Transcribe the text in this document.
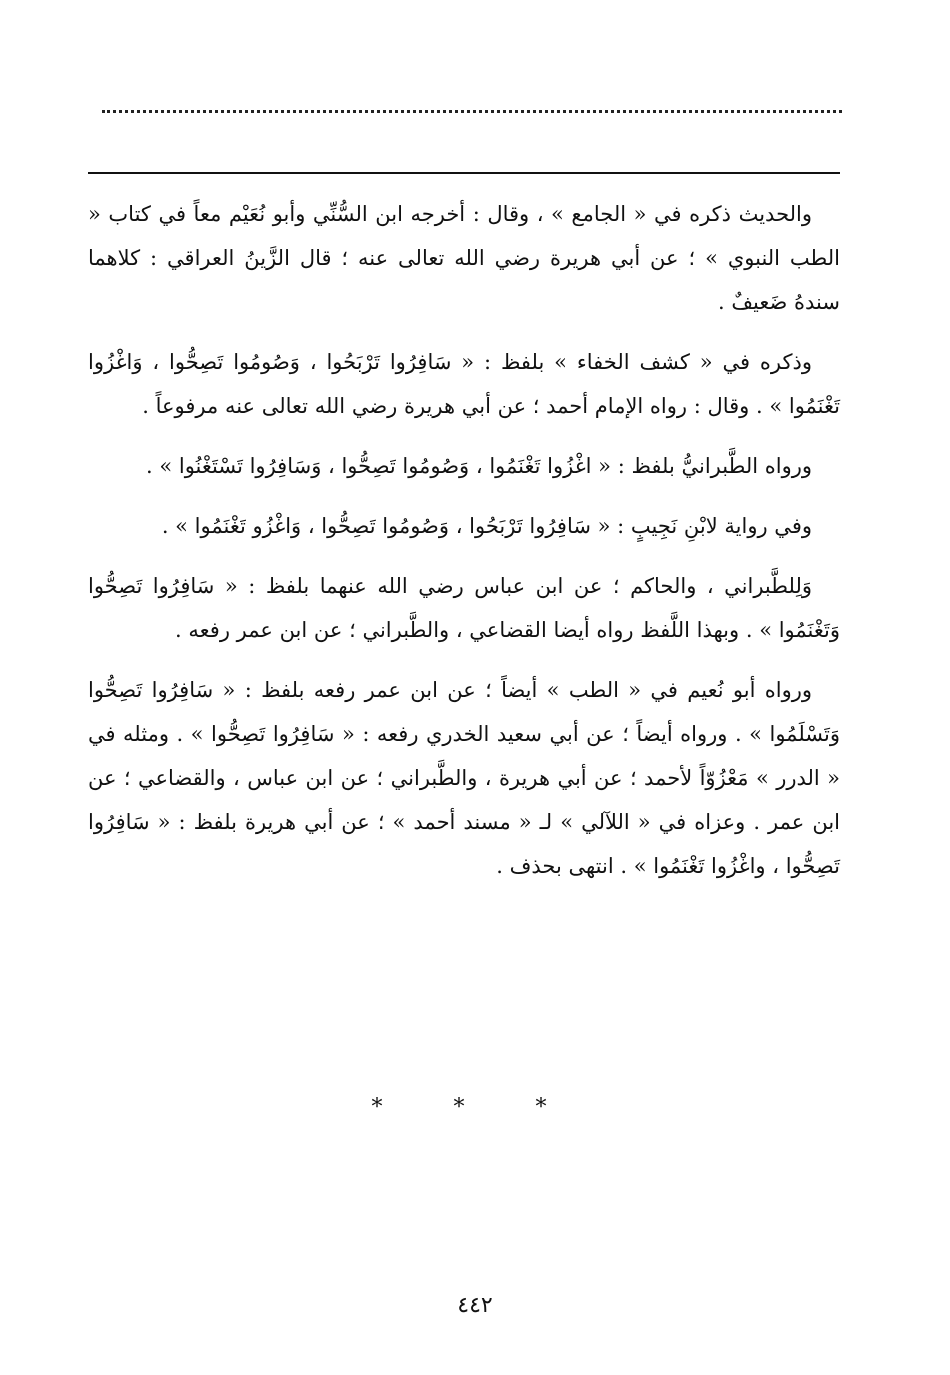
والحديث ذكره في « الجامع » ، وقال : أخرجه ابن السُّنِّي وأبو نُعَيْم معاً في كتاب « الطب النبوي » ؛ عن أبي هريرة رضي الله تعالى عنه ؛ قال الزَّينُ العراقي : كلاهما سندهُ ضَعيفٌ .

وذكره في « كشف الخفاء » بلفظ : « سَافِرُوا تَرْبَحُوا ، وَصُومُوا تَصِحُّوا ، وَاغْزُوا تَغْنَمُوا » . وقال : رواه الإمام أحمد ؛ عن أبي هريرة رضي الله تعالى عنه مرفوعاً .

ورواه الطَّبرانيُّ بلفظ : « اغْزُوا تَغْنَمُوا ، وَصُومُوا تَصِحُّوا ، وَسَافِرُوا تَسْتَغْنُوا » .

وفي رواية لابْنِ نَجِيبٍ : « سَافِرُوا تَرْبَحُوا ، وَصُومُوا تَصِحُّوا ، وَاغْزُو تَغْنَمُوا » .

وَلِلطَّبراني ، والحاكم ؛ عن ابن عباس رضي الله عنهما بلفظ : « سَافِرُوا تَصِحُّوا وَتَغْنَمُوا » . وبهذا اللَّفظ رواه أيضا القضاعي ، والطَّبراني ؛ عن ابن عمر رفعه .

ورواه أبو نُعيم في « الطب » أيضاً ؛ عن ابن عمر رفعه بلفظ : « سَافِرُوا تَصِحُّوا وَتَسْلَمُوا » . ورواه أيضاً ؛ عن أبي سعيد الخدري رفعه : « سَافِرُوا تَصِحُّوا » . ومثله في « الدرر » مَعْزُوّاً لأحمد ؛ عن أبي هريرة ، والطَّبراني ؛ عن ابن عباس ، والقضاعي ؛ عن ابن عمر . وعزاه في « اللآلي » لـ « مسند أحمد » ؛ عن أبي هريرة بلفظ : « سَافِرُوا تَصِحُّوا ، واغْزُوا تَغْنَمُوا » . انتهى بحذف .

* * *
٤٤٢
